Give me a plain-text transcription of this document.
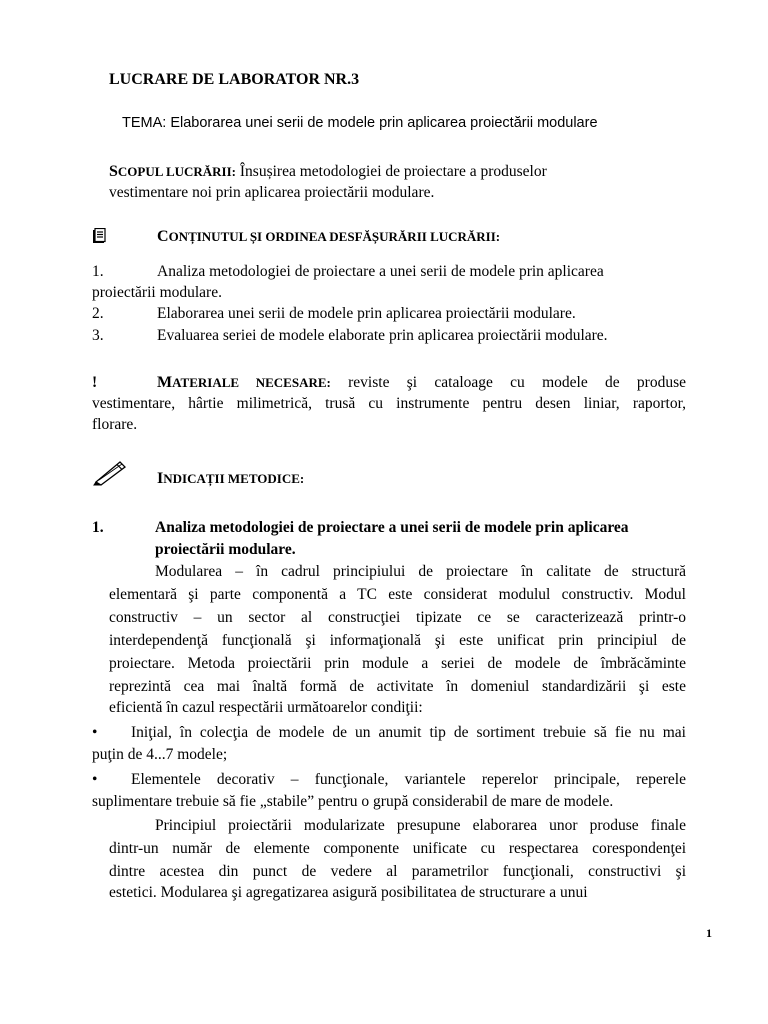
LUCRARE DE LABORATOR NR.3
TEMA: Elaborarea unei serii de modele prin aplicarea proiectării modulare
SCOPUL LUCRĂRII: Însușirea metodologiei de proiectare a produselor
vestimentare noi prin aplicarea proiectării modulare.
CONȚINUTUL ȘI ORDINEA DESFĂȘURĂRII LUCRĂRII:
1.	Analiza metodologiei de proiectare a unei serii de modele prin aplicarea
proiectării modulare.
2.	Elaborarea unei serii de modele prin aplicarea proiectării modulare.
3.	Evaluarea seriei de modele elaborate prin aplicarea proiectării modulare.
!	MATERIALE NECESARE: reviste şi cataloage cu modele de produse
vestimentare, hârtie milimetrică, trusă cu instrumente pentru desen liniar, raportor,
florare.
INDICAȚII METODICE:
1.	Analiza metodologiei de proiectare a unei serii de modele prin aplicarea
proiectării modulare.
Modularea – în cadrul principiului de proiectare în calitate de structură
elementară şi parte componentă a TC este considerat modulul constructiv. Modul
constructiv – un sector al construcţiei tipizate ce se caracterizează printr-o
interdependenţă funcţională şi informaţională şi este unificat prin principiul de
proiectare. Metoda proiectării prin module a seriei de modele de îmbrăcăminte
reprezintă cea mai înaltă formă de activitate în domeniul standardizării şi este
eficientă în cazul respectării următoarelor condiţii:
• Iniţial, în colecţia de modele de un anumit tip de sortiment trebuie să fie nu mai
puţin de 4...7 modele;
• Elementele decorativ – funcţionale, variantele reperelor principale, reperele
suplimentare trebuie să fie „stabile” pentru o grupă considerabil de mare de modele.
Principiul proiectării modularizate presupune elaborarea unor produse finale
dintr-un număr de elemente componente unificate cu respectarea corespondenţei
dintre acestea din punct de vedere al parametrilor funcţionali, constructivi şi
estetici. Modularea şi agregatizarea asigură posibilitatea de structurare a unui
1
